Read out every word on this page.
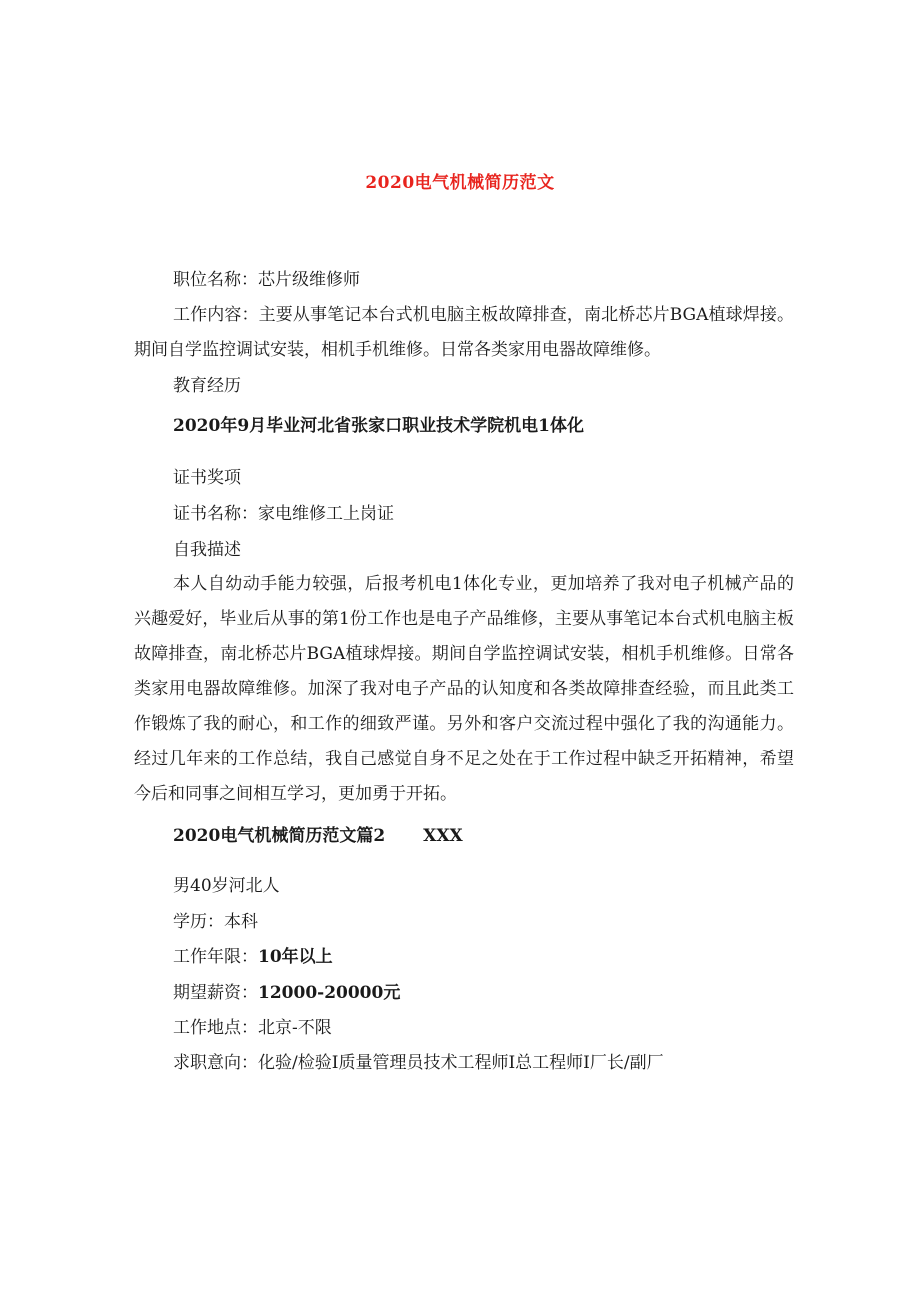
2020电气机械简历范文
职位名称：芯片级维修师
工作内容：主要从事笔记本台式机电脑主板故障排查，南北桥芯片BGA植球焊接。期间自学监控调试安装，相机手机维修。日常各类家用电器故障维修。
教育经历
2020年9月毕业河北省张家口职业技术学院机电1体化
证书奖项
证书名称：家电维修工上岗证
自我描述
本人自幼动手能力较强，后报考机电1体化专业，更加培养了我对电子机械产品的兴趣爱好，毕业后从事的第1份工作也是电子产品维修，主要从事笔记本台式机电脑主板故障排查，南北桥芯片BGA植球焊接。期间自学监控调试安装，相机手机维修。日常各类家用电器故障维修。加深了我对电子产品的认知度和各类故障排查经验，而且此类工作锻炼了我的耐心，和工作的细致严谨。另外和客户交流过程中强化了我的沟通能力。经过几年来的工作总结，我自己感觉自身不足之处在于工作过程中缺乏开拓精神，希望今后和同事之间相互学习，更加勇于开拓。
2020电气机械简历范文篇2 XXX
男40岁河北人
学历：本科
工作年限：10年以上
期望薪资：12000-20000元
工作地点：北京-不限
求职意向：化验/检验I质量管理员技术工程师I总工程师I厂长/副厂
